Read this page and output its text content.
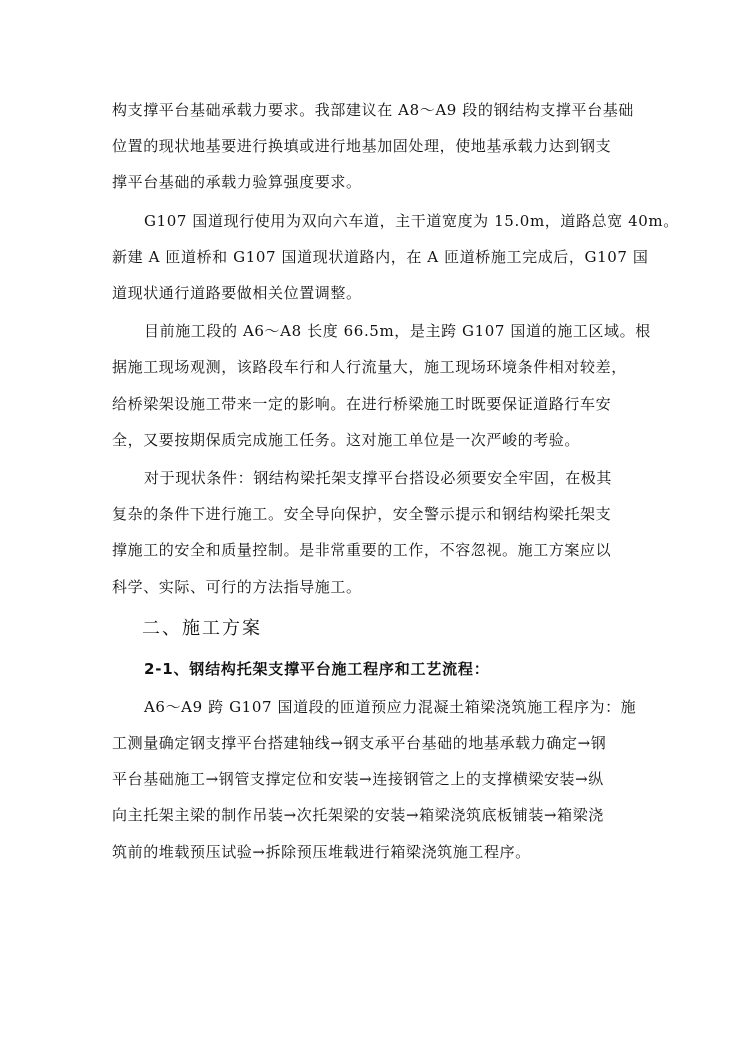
构支撑平台基础承载力要求。我部建议在 A8～A9 段的钢结构支撑平台基础
位置的现状地基要进行换填或进行地基加固处理，使地基承载力达到钢支
撑平台基础的承载力验算强度要求。

G107 国道现行使用为双向六车道，主干道宽度为 15.0m，道路总宽 40m。
新建 A 匝道桥和 G107 国道现状道路内，在 A 匝道桥施工完成后，G107 国
道现状通行道路要做相关位置调整。

目前施工段的 A6～A8 长度 66.5m，是主跨 G107 国道的施工区域。根
据施工现场观测，该路段车行和人行流量大，施工现场环境条件相对较差，
给桥梁架设施工带来一定的影响。在进行桥梁施工时既要保证道路行车安
全，又要按期保质完成施工任务。这对施工单位是一次严峻的考验。

对于现状条件：钢结构梁托架支撑平台搭设必须要安全牢固，在极其
复杂的条件下进行施工。安全导向保护，安全警示提示和钢结构梁托架支
撑施工的安全和质量控制。是非常重要的工作，不容忽视。施工方案应以
科学、实际、可行的方法指导施工。

二、施工方案
2-1、钢结构托架支撑平台施工程序和工艺流程：

A6～A9 跨 G107 国道段的匝道预应力混凝土箱梁浇筑施工程序为：施
工测量确定钢支撑平台搭建轴线→钢支承平台基础的地基承载力确定→钢
平台基础施工→钢管支撑定位和安装→连接钢管之上的支撑横梁安装→纵
向主托架主梁的制作吊装→次托架梁的安装→箱梁浇筑底板铺装→箱梁浇
筑前的堆载预压试验→拆除预压堆载进行箱梁浇筑施工程序。
